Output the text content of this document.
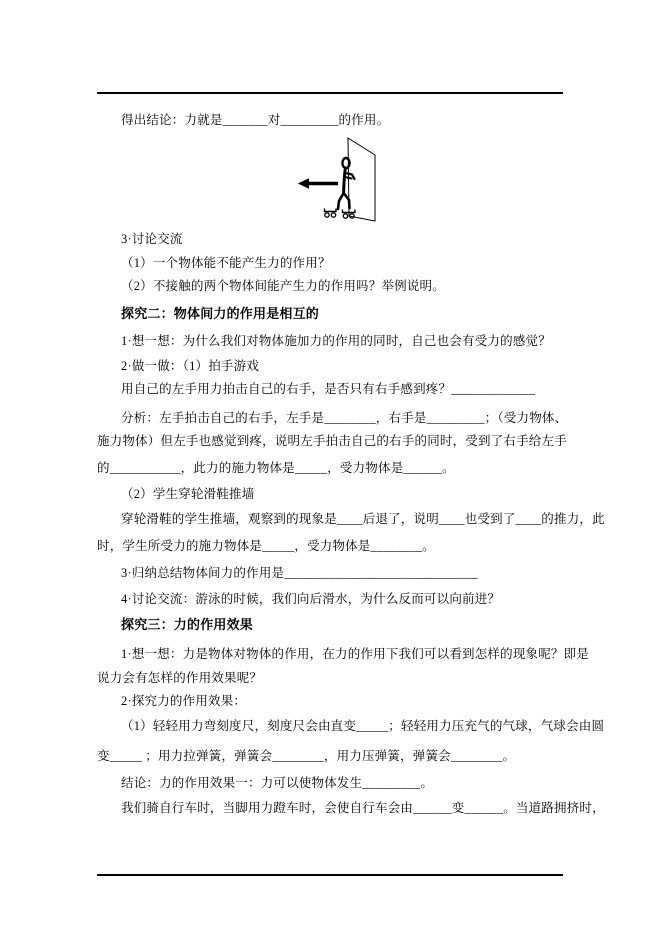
得出结论：力就是_______对_________的作用。
3·讨论交流
（1）一个物体能不能产生力的作用？
（2）不接触的两个物体间能产生力的作用吗？举例说明。
探究二：物体间力的作用是相互的
1·想一想：为什么我们对物体施加力的作用的同时，自己也会有受力的感觉？
2·做一做：（1）拍手游戏
用自己的左手用力拍击自己的右手，是否只有右手感到疼？_____________
分析：左手拍击自己的右手，左手是________，右手是_________；（受力物体、
施力物体）但左手也感觉到疼，说明左手拍击自己的右手的同时，受到了右手给左手
的___________，此力的施力物体是_____，受力物体是______。
（2）学生穿轮滑鞋推墙
穿轮滑鞋的学生推墙，观察到的现象是____后退了，说明____也受到了____的推力，此
时，学生所受力的施力物体是_____，受力物体是________。
3·归纳总结物体间力的作用是______________________________
4·讨论交流：游泳的时候，我们向后滑水，为什么反而可以向前进？
探究三：力的作用效果
1·想一想：力是物体对物体的作用，在力的作用下我们可以看到怎样的现象呢？即是
说力会有怎样的作用效果呢？
2·探究力的作用效果：
（1）轻轻用力弯刻度尺，刻度尺会由直变_____；轻轻用力压充气的气球，气球会由圆
变_____ ；用力拉弹簧，弹簧会________，用力压弹簧，弹簧会________。
结论：力的作用效果一：力可以使物体发生_________。
我们骑自行车时，当脚用力蹬车时，会使自行车会由______变______。当道路拥挤时，
